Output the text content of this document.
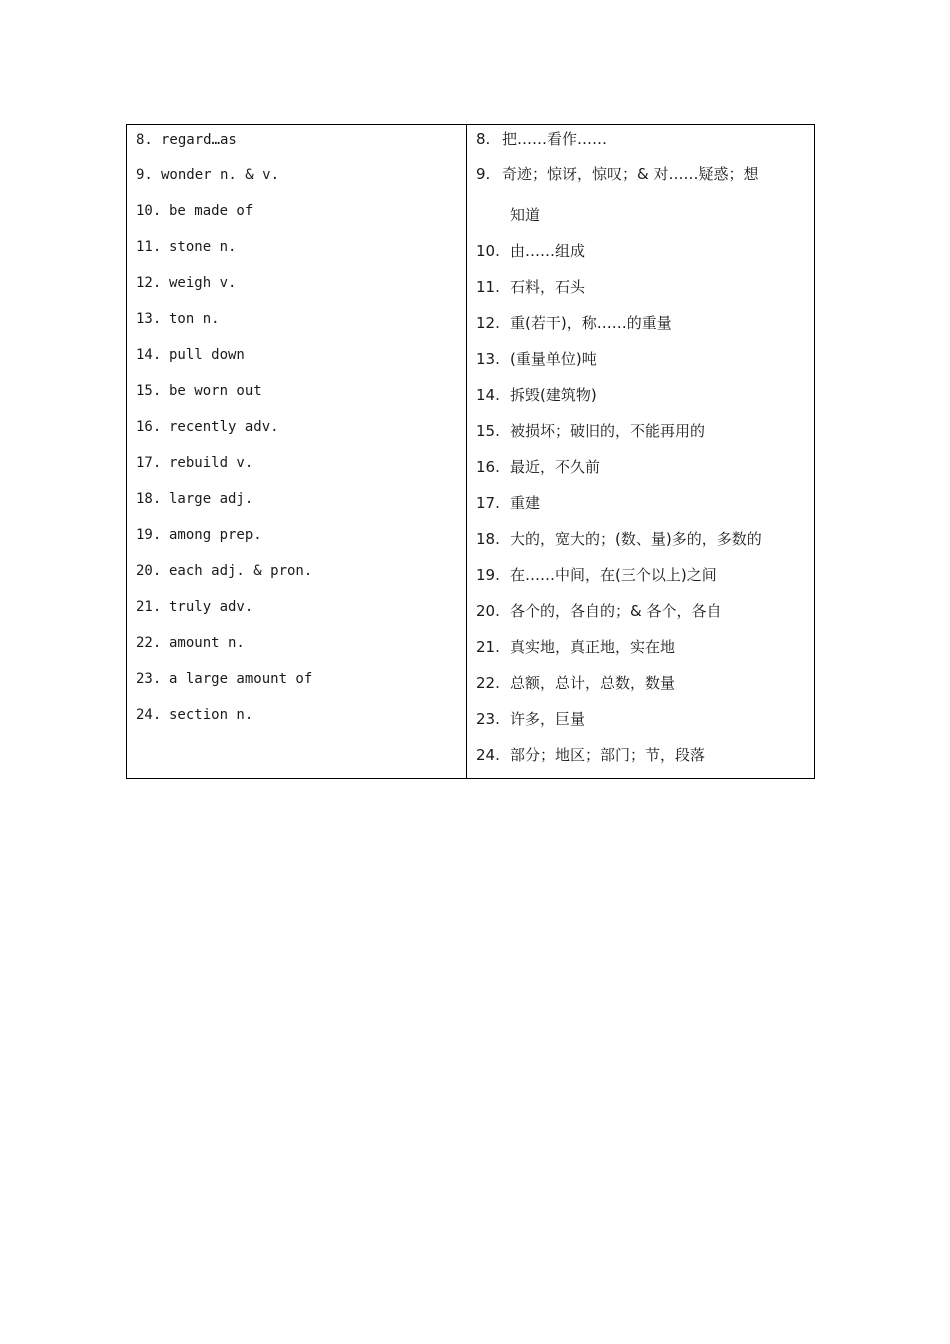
8. regard…as
9. wonder n. & v.
10. be made of
11. stone n.
12. weigh v.
13. ton n.
14. pull down
15. be worn out
16. recently adv.
17. rebuild v.
18. large adj.
19. among prep.
20. each adj. & pron.
21. truly adv.
22. amount n.
23. a large amount of
24. section n.
8. 把……看作……
9. 奇迹；惊讶，惊叹；& 对……疑惑；想
知道
10. 由……组成
11. 石料，石头
12. 重(若干)，称……的重量
13. (重量单位)吨
14. 拆毁(建筑物)
15. 被损坏；破旧的，不能再用的
16. 最近，不久前
17. 重建
18. 大的，宽大的；(数、量)多的，多数的
19. 在……中间，在(三个以上)之间
20. 各个的，各自的；& 各个，各自
21. 真实地，真正地，实在地
22. 总额，总计，总数，数量
23. 许多，巨量
24. 部分；地区；部门；节，段落
